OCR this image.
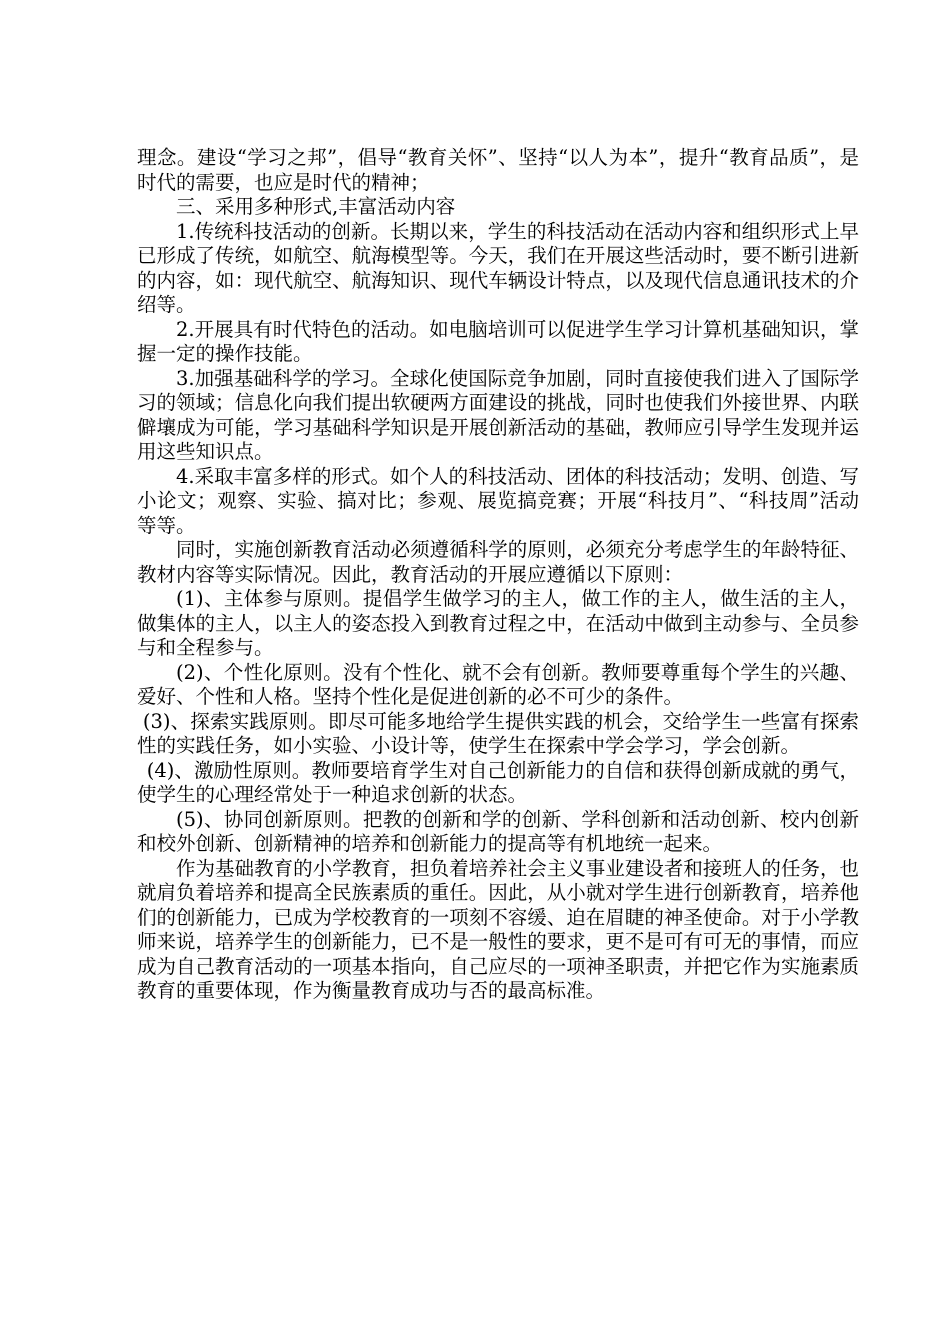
理念。建设“学习之邦”，倡导“教育关怀”、坚持“以人为本”，提升“教育品质”，是时代的需要，也应是时代的精神；

三、采用多种形式,丰富活动内容

1.传统科技活动的创新。长期以来，学生的科技活动在活动内容和组织形式上早已形成了传统，如航空、航海模型等。今天，我们在开展这些活动时，要不断引进新的内容，如：现代航空、航海知识、现代车辆设计特点，以及现代信息通讯技术的介绍等。

2.开展具有时代特色的活动。如电脑培训可以促进学生学习计算机基础知识，掌握一定的操作技能。

3.加强基础科学的学习。全球化使国际竞争加剧，同时直接使我们进入了国际学习的领域；信息化向我们提出软硬两方面建设的挑战，同时也使我们外接世界、内联僻壤成为可能，学习基础科学知识是开展创新活动的基础，教师应引导学生发现并运用这些知识点。

4.采取丰富多样的形式。如个人的科技活动、团体的科技活动；发明、创造、写小论文；观察、实验、搞对比；参观、展览搞竞赛；开展“科技月”、“科技周”活动等等。

同时，实施创新教育活动必须遵循科学的原则，必须充分考虑学生的年龄特征、教材内容等实际情况。因此，教育活动的开展应遵循以下原则：

(1)、主体参与原则。提倡学生做学习的主人，做工作的主人，做生活的主人，做集体的主人，以主人的姿态投入到教育过程之中，在活动中做到主动参与、全员参与和全程参与。

(2)、个性化原则。没有个性化、就不会有创新。教师要尊重每个学生的兴趣、爱好、个性和人格。坚持个性化是促进创新的必不可少的条件。

(3)、探索实践原则。即尽可能多地给学生提供实践的机会，交给学生一些富有探索性的实践任务，如小实验、小设计等，使学生在探索中学会学习，学会创新。

(4)、激励性原则。教师要培育学生对自己创新能力的自信和获得创新成就的勇气，使学生的心理经常处于一种追求创新的状态。

(5)、协同创新原则。把教的创新和学的创新、学科创新和活动创新、校内创新和校外创新、创新精神的培养和创新能力的提高等有机地统一起来。

作为基础教育的小学教育，担负着培养社会主义事业建设者和接班人的任务，也就肩负着培养和提高全民族素质的重任。因此，从小就对学生进行创新教育，培养他们的创新能力，已成为学校教育的一项刻不容缓、迫在眉睫的神圣使命。对于小学教师来说，培养学生的创新能力，已不是一般性的要求，更不是可有可无的事情，而应成为自己教育活动的一项基本指向，自己应尽的一项神圣职责，并把它作为实施素质教育的重要体现，作为衡量教育成功与否的最高标准。
